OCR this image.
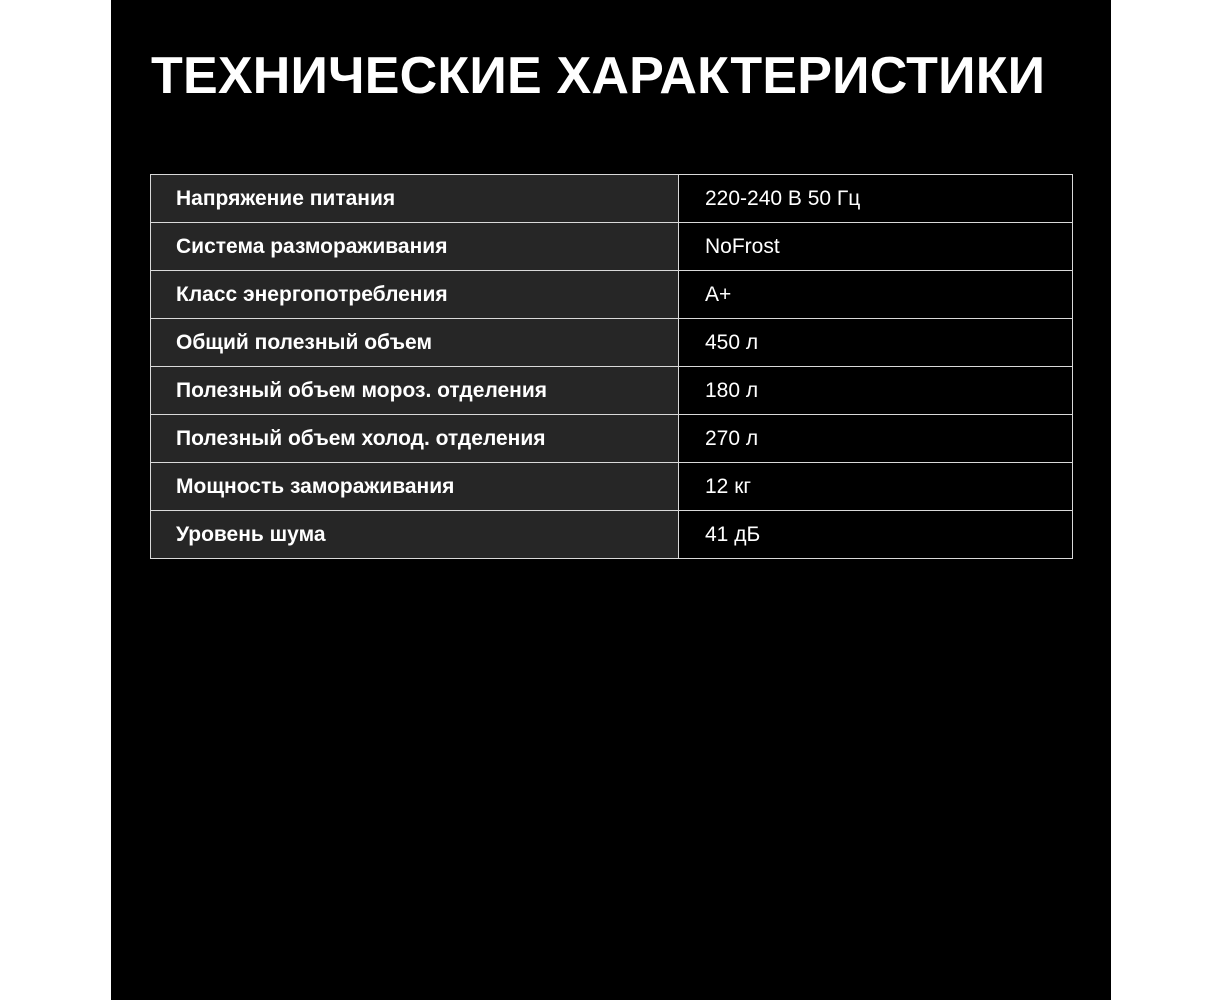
ТЕХНИЧЕСКИЕ ХАРАКТЕРИСТИКИ
Напряжение питания	220-240 В 50 Гц
Система размораживания	NoFrost
Класс энергопотребления	A+
Общий полезный объем	450 л
Полезный объем мороз. отделения	180 л
Полезный объем холод. отделения	270 л
Мощность замораживания	12 кг
Уровень шума	41 дБ
